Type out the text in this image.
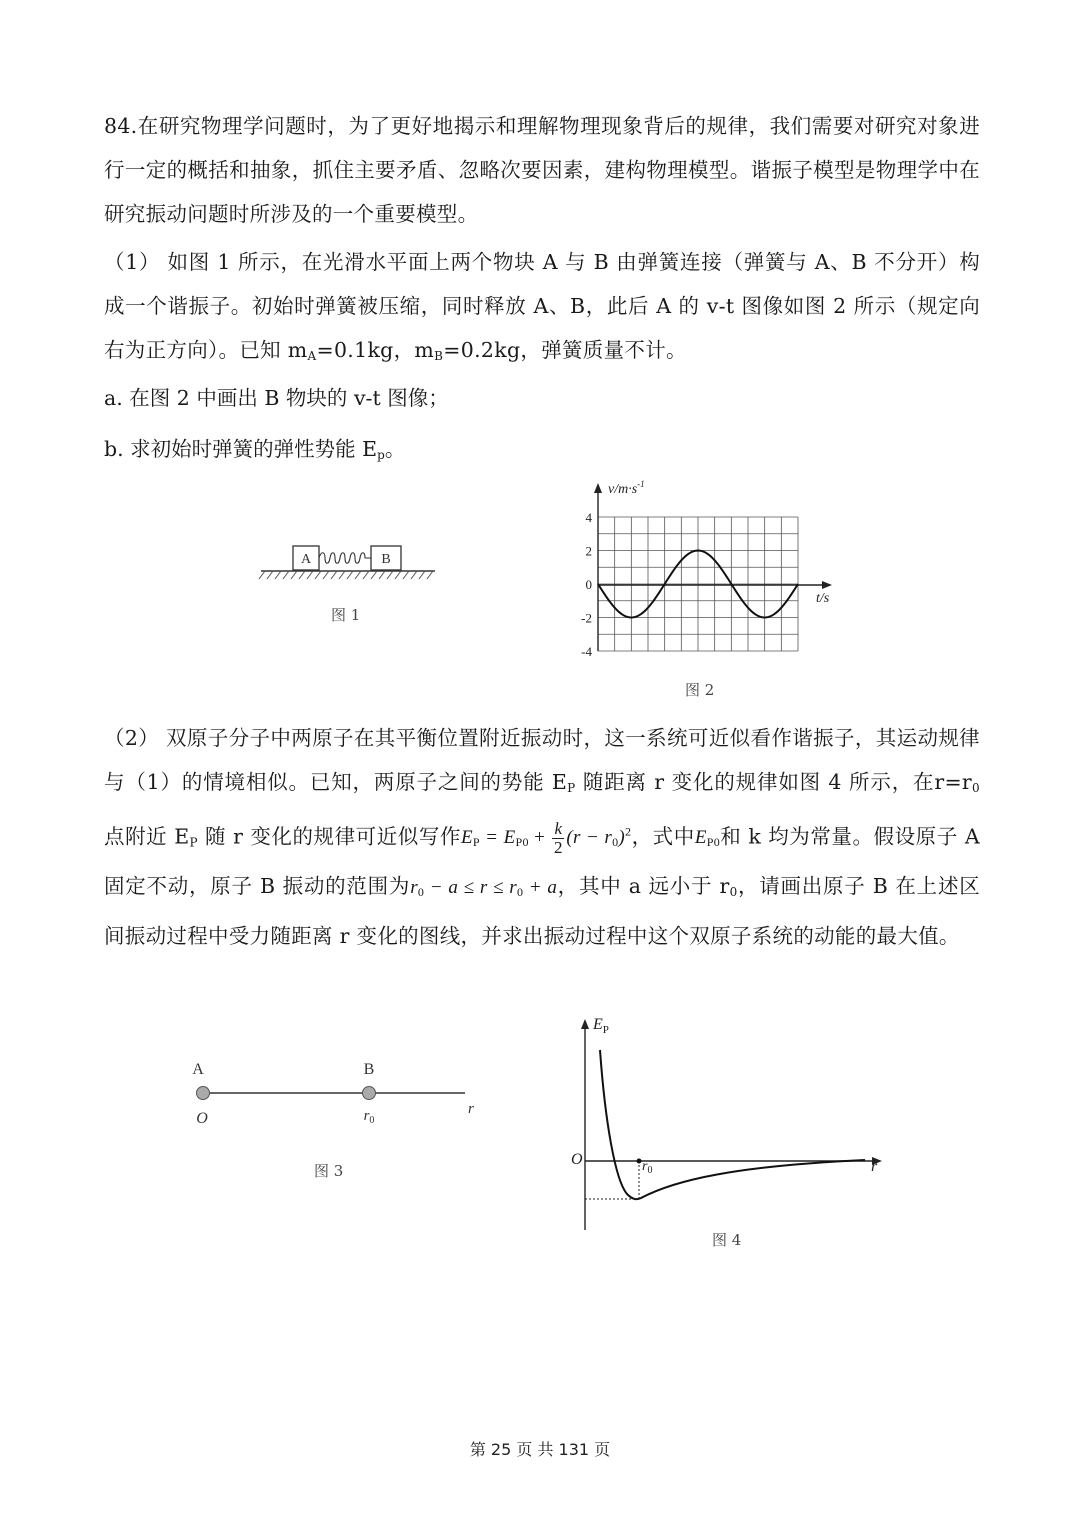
84.在研究物理学问题时，为了更好地揭示和理解物理现象背后的规律，我们需要对研究对象进行一定的概括和抽象，抓住主要矛盾、忽略次要因素，建构物理模型。谐振子模型是物理学中在研究振动问题时所涉及的一个重要模型。
（1） 如图 1 所示，在光滑水平面上两个物块 A 与 B 由弹簧连接（弹簧与 A、B 不分开）构成一个谐振子。初始时弹簧被压缩，同时释放 A、B，此后 A 的 v-t 图像如图 2 所示（规定向右为正方向）。已知 $m_A=0.1kg$，$m_B=0.2kg$，弹簧质量不计。
a. 在图 2 中画出 B 物块的 v-t 图像；
b. 求初始时弹簧的弹性势能 $E_p$。
A	B
图 1
$v/m\cdot s^{-1}$
t/s
4
2
0
-2
-4
图 2
（2） 双原子分子中两原子在其平衡位置附近振动时，这一系统可近似看作谐振子，其运动规律与（1）的情境相似。已知，两原子之间的势能 $E_P$ 随距离 r 变化的规律如图 4 所示，在$r=r_0$ 点附近 $E_P$ 随 r 变化的规律可近似写作$E_P = E_{P0} + \frac{k}{2} (r - r_0)^2$，式中$E_{P0}$和 k 均为常量。假设原子 A 固定不动，原子 B 振动的范围为$r_0 - a \le r \le r_0 + a$，其中 a 远小于 $r_0$，请画出原子 B 在上述区间振动过程中受力随距离 r 变化的图线，并求出振动过程中这个双原子系统的动能的最大值。
A	B
O	$r_0$
r
图 3
$E_P$
O	r
$r_0$
图 4
第 25 页 共 131 页
